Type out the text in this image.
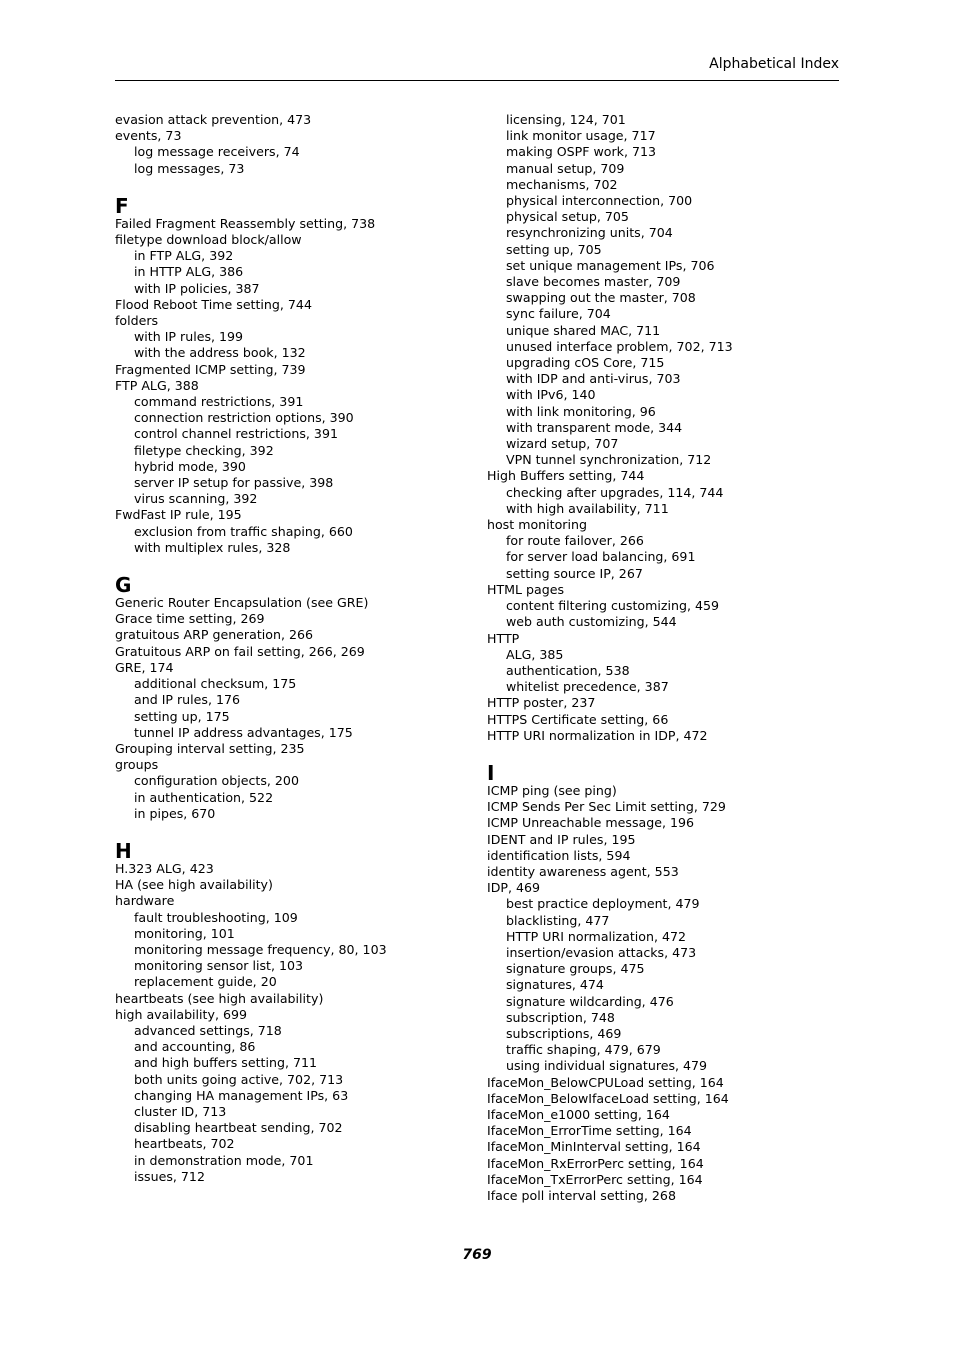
Alphabetical Index
evasion attack prevention, 473
events, 73
log message receivers, 74
log messages, 73
F
Failed Fragment Reassembly setting, 738
filetype download block/allow
in FTP ALG, 392
in HTTP ALG, 386
with IP policies, 387
Flood Reboot Time setting, 744
folders
with IP rules, 199
with the address book, 132
Fragmented ICMP setting, 739
FTP ALG, 388
command restrictions, 391
connection restriction options, 390
control channel restrictions, 391
filetype checking, 392
hybrid mode, 390
server IP setup for passive, 398
virus scanning, 392
FwdFast IP rule, 195
exclusion from traffic shaping, 660
with multiplex rules, 328
G
Generic Router Encapsulation (see GRE)
Grace time setting, 269
gratuitous ARP generation, 266
Gratuitous ARP on fail setting, 266, 269
GRE, 174
additional checksum, 175
and IP rules, 176
setting up, 175
tunnel IP address advantages, 175
Grouping interval setting, 235
groups
configuration objects, 200
in authentication, 522
in pipes, 670
H
H.323 ALG, 423
HA (see high availability)
hardware
fault troubleshooting, 109
monitoring, 101
monitoring message frequency, 80, 103
monitoring sensor list, 103
replacement guide, 20
heartbeats (see high availability)
high availability, 699
advanced settings, 718
and accounting, 86
and high buffers setting, 711
both units going active, 702, 713
changing HA management IPs, 63
cluster ID, 713
disabling heartbeat sending, 702
heartbeats, 702
in demonstration mode, 701
issues, 712
licensing, 124, 701
link monitor usage, 717
making OSPF work, 713
manual setup, 709
mechanisms, 702
physical interconnection, 700
physical setup, 705
resynchronizing units, 704
setting up, 705
set unique management IPs, 706
slave becomes master, 709
swapping out the master, 708
sync failure, 704
unique shared MAC, 711
unused interface problem, 702, 713
upgrading cOS Core, 715
with IDP and anti-virus, 703
with IPv6, 140
with link monitoring, 96
with transparent mode, 344
wizard setup, 707
VPN tunnel synchronization, 712
High Buffers setting, 744
checking after upgrades, 114, 744
with high availability, 711
host monitoring
for route failover, 266
for server load balancing, 691
setting source IP, 267
HTML pages
content filtering customizing, 459
web auth customizing, 544
HTTP
ALG, 385
authentication, 538
whitelist precedence, 387
HTTP poster, 237
HTTPS Certificate setting, 66
HTTP URI normalization in IDP, 472
I
ICMP ping (see ping)
ICMP Sends Per Sec Limit setting, 729
ICMP Unreachable message, 196
IDENT and IP rules, 195
identification lists, 594
identity awareness agent, 553
IDP, 469
best practice deployment, 479
blacklisting, 477
HTTP URI normalization, 472
insertion/evasion attacks, 473
signature groups, 475
signatures, 474
signature wildcarding, 476
subscription, 748
subscriptions, 469
traffic shaping, 479, 679
using individual signatures, 479
IfaceMon_BelowCPULoad setting, 164
IfaceMon_BelowIfaceLoad setting, 164
IfaceMon_e1000 setting, 164
IfaceMon_ErrorTime setting, 164
IfaceMon_MinInterval setting, 164
IfaceMon_RxErrorPerc setting, 164
IfaceMon_TxErrorPerc setting, 164
Iface poll interval setting, 268
769
